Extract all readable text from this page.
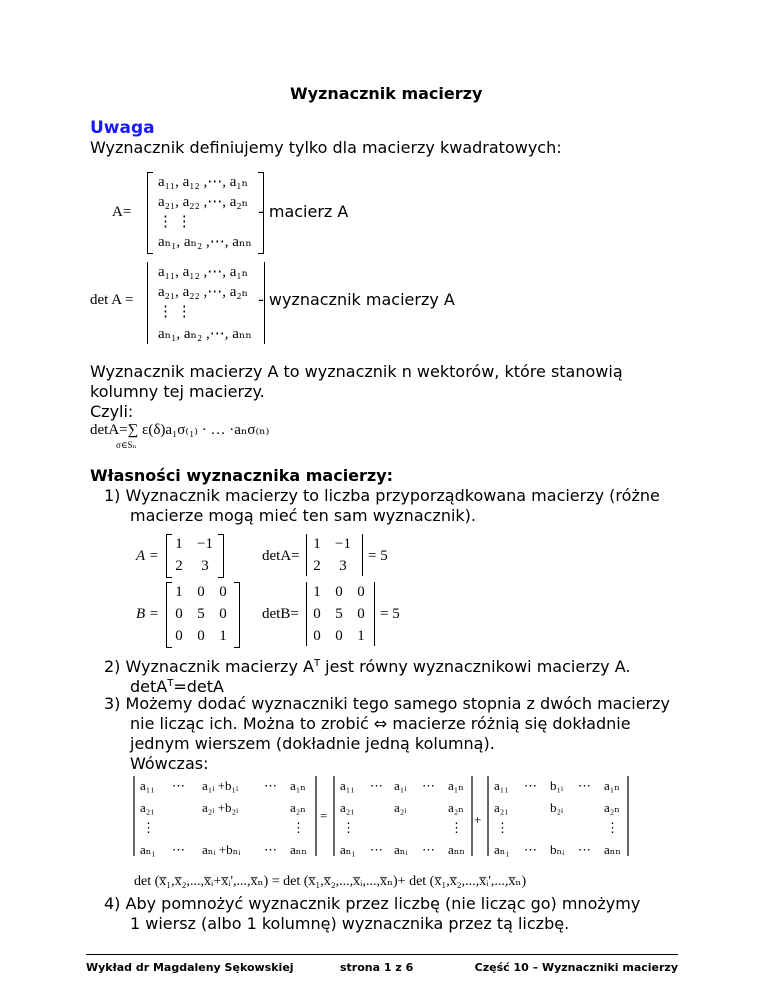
Wyznacznik macierzy
Uwaga
Wyznacznik definiujemy tylko dla macierzy kwadratowych:
A=
a₁₁, a₁₂ ,⋯, a₁ₙ
a₂₁, a₂₂ ,⋯, a₂ₙ
⋮ ⋮
aₙ₁, aₙ₂ ,⋯, aₙₙ
- macierz A
det A =
a₁₁, a₁₂ ,⋯, a₁ₙ
a₂₁, a₂₂ ,⋯, a₂ₙ
⋮ ⋮
aₙ₁, aₙ₂ ,⋯, aₙₙ
- wyznacznik macierzy A
Wyznacznik macierzy A to wyznacznik n wektorów, które stanowią
kolumny tej macierzy.
Czyli:
detA=∑ ε(δ)a₁σ₍₁₎ · … ·aₙσ₍ₙ₎
σ∈Sₙ
Własności wyznacznika macierzy:
1) Wyznacznik macierzy to liczba przyporządkowana macierzy (różne
macierze mogą mieć ten sam wyznacznik).
A =
1 −1
2	3
detA=
1 −1
2	3
= 5
B =
1 0 0
0 5 0
0 0 1
detB=
1 0 0
0 5 0
0 0 1
= 5
2) Wyznacznik macierzy $A^T$ jest równy wyznacznikowi macierzy A.
detA$^T$=detA
3) Możemy dodać wyznaczniki tego samego stopnia z dwóch macierzy
nie licząc ich. Można to zrobić ⇔ macierze różnią się dokładnie
jednym wierszem (dokładnie jedną kolumną).
Wówczas:
a₁₁ ⋯ a₁ᵢ +b₁ᵢ ⋯ a₁ₙ
a₂₁	a₂ᵢ +b₂ᵢ	a₂ₙ
⋮	⋮
aₙ₁ ⋯ aₙᵢ +bₙᵢ ⋯ aₙₙ
=
a₁₁ ⋯ a₁ᵢ ⋯ a₁ₙ
a₂₁	a₂ᵢ	a₂ₙ
⋮	⋮
aₙ₁ ⋯ aₙᵢ ⋯ aₙₙ
+
a₁₁ ⋯ b₁ᵢ ⋯ a₁ₙ
a₂₁	b₂ᵢ	a₂ₙ
⋮	⋮
aₙ₁ ⋯ bₙᵢ ⋯ aₙₙ
det (x̅₁,x̅₂,...,x̅ᵢ+x̅ᵢ',...,x̅ₙ) = det (x̅₁,x̅₂,...,x̅ᵢ,...,x̅ₙ)+ det (x̅₁,x̅₂,...,x̅ᵢ',...,x̅ₙ)
4) Aby pomnożyć wyznacznik przez liczbę (nie licząc go) mnożymy
1 wiersz (albo 1 kolumnę) wyznacznika przez tą liczbę.
Wykład dr Magdaleny Sękowskiej	strona 1 z 6	Część 10 – Wyznaczniki macierzy
